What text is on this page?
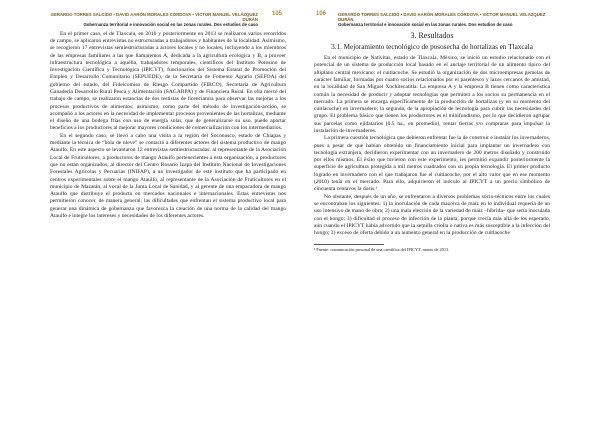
GERARDO TORRES SALCIDO • DAVID AARÓN MORALES CÓRDOVA • VÍCTOR MANUEL VELÁZQUEZ DURÁN
Gobernanza territorial e innovación social en las zonas rurales. Dos estudios de caso
105

En el primer caso, el de Tlaxcala, en 2010 y posteriormente en 2013 se realizaron varios recorridos de campo, se aplicaron entrevistas no estructuradas a trabajadores y habitantes de la localidad. Asimismo, se recogieron 17 entrevistas semiestructuradas a actores locales y no locales, incluyendo a los miembros de las empresas familiares a las que llamaremos A, dedicada a la agricultura ecológica y B, a proveer infraestructura tecnológica a aquélla, trabajadores temporales, científicos del Instituto Potosino de Investigación Científica y Tecnológica (IPICYT), funcionarios del Sistema Estatal de Promoción del Empleo y Desarrollo Comunitario (SEPUEDE), de la Secretaría de Fomento Agrario (SEFOA) del gobierno del estado, del Fideicomiso de Riesgo Compartido (FIRCO), Secretaría de Agricultura Ganadería Desarrollo Rural Pesca y Alimentación (SAGARPA) y de Financiera Rural. En ella mercé del trabajo de campo, se realizaron estancias de dos testistas de licenciatura para observar las mejoras a los procesos productivos de alimentos; asimismo, como parte del método de investigación-acción, se acompañó a los actores en la necesidad de implementar procesos provenientes de las hortalizas, mediante el diseño de una bodega frías con uso de energía solar, que de generalizarse su uso, puede aportar beneficios a los productores al mejorar mayores condiciones de comercialización con los intermediarios.

En el segundo caso, se llevó a cabo una visita a la región del Soconusco, estado de Chiapas y mediante la técnica de “bola de nieve” se contactó a diferentes actores del sistema productivo de mango Ataulfo. En este aspecto se levantaron 12 entrevistas semiestructuradas: al representante de la Asociación Local de Fruticultores, a productores de mango Ataulfo pertenecientes a esta organización, a productores que no están organizados, al director del Centro Rosario Izapa del Instituto Nacional de Investigaciones Forestales Agrícolas y Pecuarias (INIFAP), a un investigador de este instituto que ha participado en centros experimentales sobre el mango Ataulfo, al representante de la Asociación de Fruticultores en el municipio de Mazatán, al vocal de la Junta Local de Sanidad, y al gerente de una empacadora de mango Ataulfo que distribuye el producto en mercados nacionales e internacionales. Estas entrevistas nos permitieron conocer, de manera general, las dificultades que enfrentan el sistema productivo local para generar una dinámica de gobernanza que favorezca la creación de una norma de la calidad del mango Ataulfo e integre los intereses y necesidades de los diferentes actores.

106	GERARDO TORRES SALCIDO • DAVID AARÓN MORALES CÓRDOVA • VÍCTOR MANUEL VELÁZQUEZ DURÁN
Gobernanza territorial e innovación social en las zonas rurales. Dos estudios de caso
3. Resultados
3.1. Mejoramiento tecnológico de pososecha de hortalizas en Tlaxcala

En el municipio de Natívitas, estado de Tlaxcala, México, se inició un estudio relacionado con el potencial de un sistema de producción local basado en el anclaje territorial de un alimento típico del altiplano central mexicano: el cuitlacoche. Se estudió la organización de dos microempresas gemelas de carácter familiar, formadas por cuatro socios relacionados por el parentesco y lazos cercanos de amistad, en la localidad de San Miguel Xochitecatitla. La empresa A y la empresa B tienen como característica común la necesidad de producir y adoptar tecnologías que permiten a los socios su permanencia en el mercado. La primera se encarga específicamente de la producción de hortalizas (y en su momento del cuitlacoche) en invernadero; la segunda, de la apropiación de tecnología para cubrir las necesidades del grupo. El problema básico que tienen los productores es el minifundismo, por lo que decidieron agrupar sus parcelas como ejidatarios (0.5 ha., en promedio), rentar tierras y/o compraras para impulsar la instalación de invernaderos.

La primera cuestión tecnológica que debieron enfrentar fue la de construir e instalar los invernaderos, pues a pesar de que habían obtenido un financiamiento inicial para implantar un invernadero con tecnología extranjera, decidieron experimentar con un invernadero de 200 metros diseñado y construido por ellos mismos. El éxito que tuvieron con este experimento, les permitió expandir posteriormente la superficie de agricultura protegida a mil metros cuadrados con su propia tecnología. El primer producto logrado en invernadero con el que trabajaron fue el cuitlacoche, por el alto valor que en ese momento (2010) tenía en el mercado. Para ello, adquirieron el inóculo al IPICYT a un precio simbólico de cincuenta centavos la dosis.¹

No obstante, después de un año, se enfrentaron a diversos problemas socio-técnicos entre los cuales se encontraban los siguientes: 1) la inoculación de cada mazorca de maíz en lo individual requería de un uso intensivo de mano de obra; 2) una mala elección de la variedad de maíz –híbrida– que sería inoculada con el hongo; 3) dificultad el proceso de infección de la planta, porque crecía más allá de los esperado, aún cuando el IPICYT había advertido que la semilla criolla o nativa es más susceptible a la infección del hongo; 3) exceso de oferta debido a un aumento general en la producción de cuitlacoche

¹ Fuente: comunicación personal de una científica del IPICYT, marzo de 2013.
